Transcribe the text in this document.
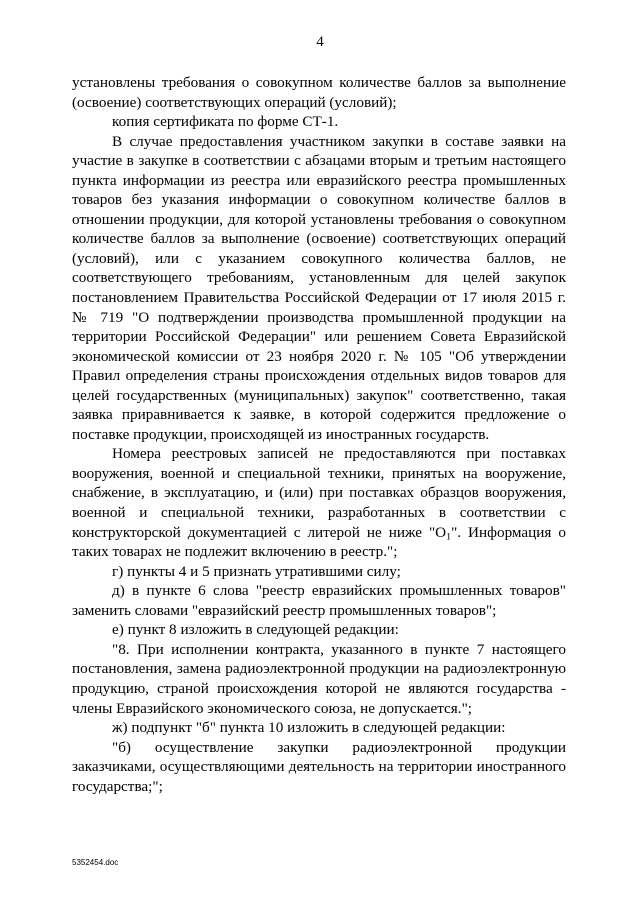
4

установлены требования о совокупном количестве баллов за выполнение (освоение) соответствующих операций (условий);

копия сертификата по форме СТ-1.

В случае предоставления участником закупки в составе заявки на участие в закупке в соответствии с абзацами вторым и третьим настоящего пункта информации из реестра или евразийского реестра промышленных товаров без указания информации о совокупном количестве баллов в отношении продукции, для которой установлены требования о совокупном количестве баллов за выполнение (освоение) соответствующих операций (условий), или с указанием совокупного количества баллов, не соответствующего требованиям, установленным для целей закупок постановлением Правительства Российской Федерации от 17 июля 2015 г. № 719 "О подтверждении производства промышленной продукции на территории Российской Федерации" или решением Совета Евразийской экономической комиссии от 23 ноября 2020 г. № 105 "Об утверждении Правил определения страны происхождения отдельных видов товаров для целей государственных (муниципальных) закупок" соответственно, такая заявка приравнивается к заявке, в которой содержится предложение о поставке продукции, происходящей из иностранных государств.

Номера реестровых записей не предоставляются при поставках вооружения, военной и специальной техники, принятых на вооружение, снабжение, в эксплуатацию, и (или) при поставках образцов вооружения, военной и специальной техники, разработанных в соответствии с конструкторской документацией с литерой не ниже "$О_1$". Информация о таких товарах не подлежит включению в реестр.";

г) пункты 4 и 5 признать утратившими силу;

д) в пункте 6 слова "реестр евразийских промышленных товаров" заменить словами "евразийский реестр промышленных товаров";

е) пункт 8 изложить в следующей редакции:

"8. При исполнении контракта, указанного в пункте 7 настоящего постановления, замена радиоэлектронной продукции на радиоэлектронную продукцию, страной происхождения которой не являются государства - члены Евразийского экономического союза, не допускается.";

ж) подпункт "б" пункта 10 изложить в следующей редакции:

"б) осуществление закупки радиоэлектронной продукции заказчиками, осуществляющими деятельность на территории иностранного государства;";

5352454.doc
